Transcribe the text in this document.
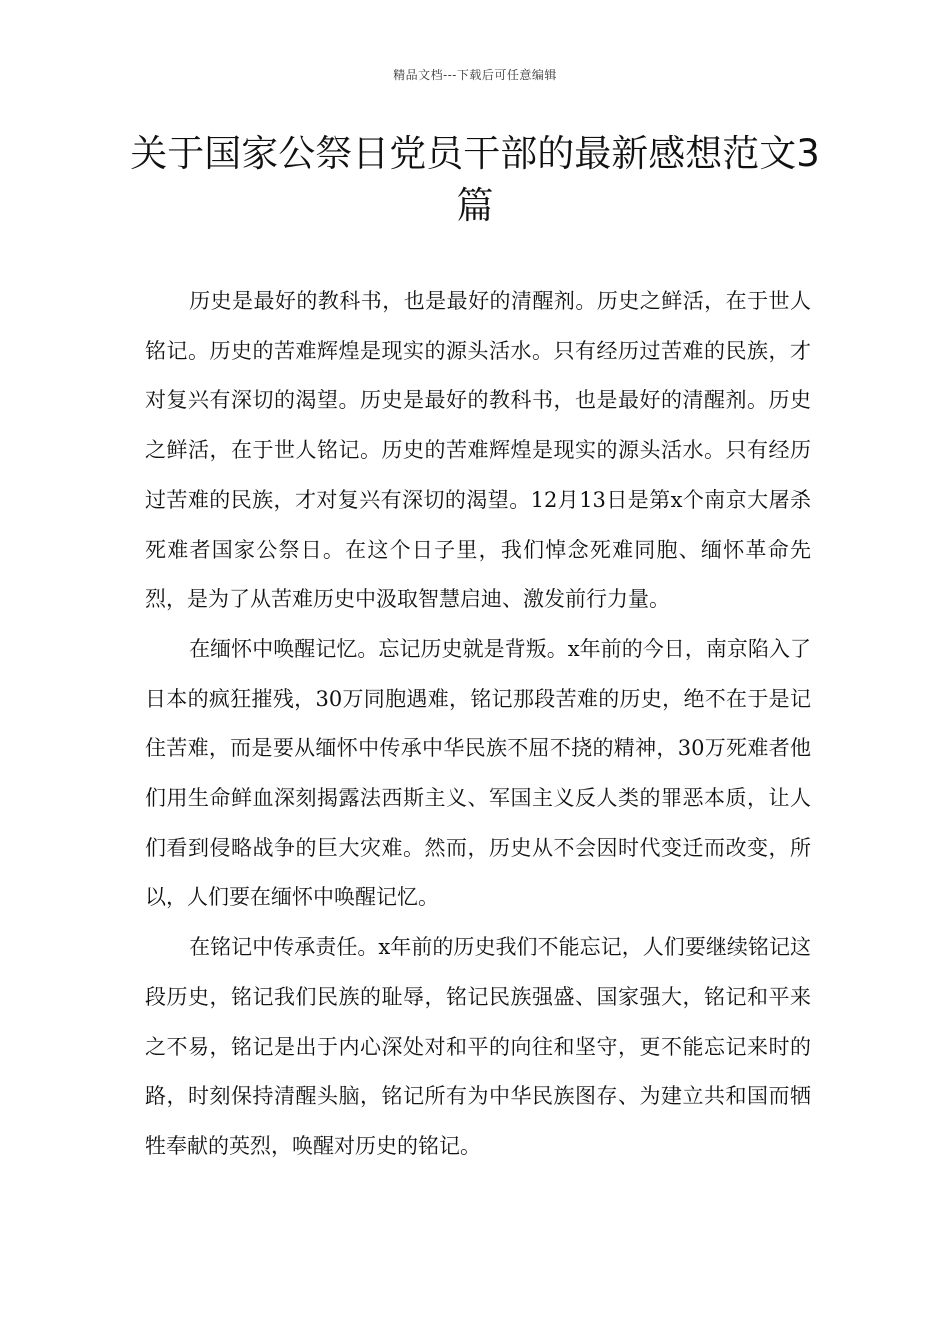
精品文档---下载后可任意编辑
关于国家公祭日党员干部的最新感想范文3篇

历史是最好的教科书，也是最好的清醒剂。历史之鲜活，在于世人铭记。历史的苦难辉煌是现实的源头活水。只有经历过苦难的民族，才对复兴有深切的渴望。历史是最好的教科书，也是最好的清醒剂。历史之鲜活，在于世人铭记。历史的苦难辉煌是现实的源头活水。只有经历过苦难的民族，才对复兴有深切的渴望。12月13日是第x个南京大屠杀死难者国家公祭日。在这个日子里，我们悼念死难同胞、缅怀革命先烈，是为了从苦难历史中汲取智慧启迪、激发前行力量。

在缅怀中唤醒记忆。忘记历史就是背叛。x年前的今日，南京陷入了日本的疯狂摧残，30万同胞遇难，铭记那段苦难的历史，绝不在于是记住苦难，而是要从缅怀中传承中华民族不屈不挠的精神，30万死难者他们用生命鲜血深刻揭露法西斯主义、军国主义反人类的罪恶本质，让人们看到侵略战争的巨大灾难。然而，历史从不会因时代变迁而改变，所以，人们要在缅怀中唤醒记忆。

在铭记中传承责任。x年前的历史我们不能忘记，人们要继续铭记这段历史，铭记我们民族的耻辱，铭记民族强盛、国家强大，铭记和平来之不易，铭记是出于内心深处对和平的向往和坚守，更不能忘记来时的路，时刻保持清醒头脑，铭记所有为中华民族图存、为建立共和国而牺牲奉献的英烈，唤醒对历史的铭记。
